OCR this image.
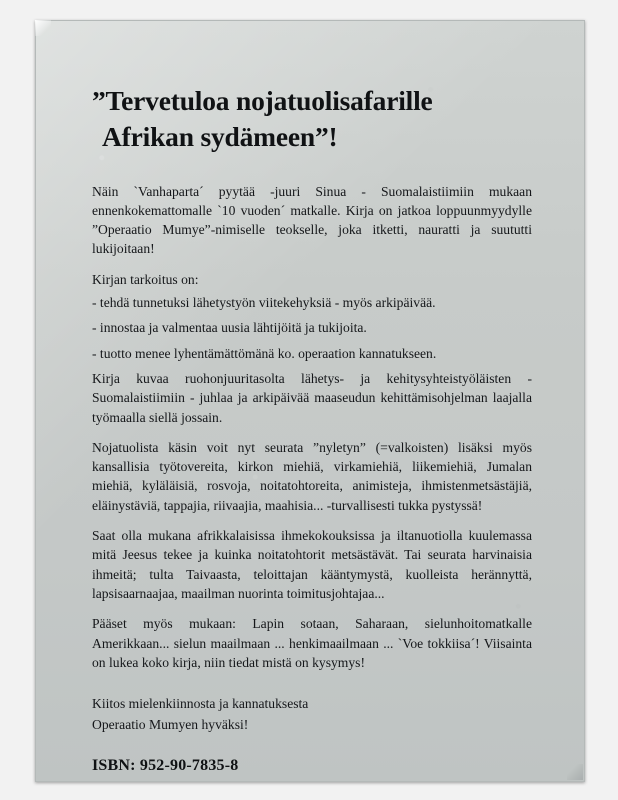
”Tervetuloa nojatuolisafarille
Afrikan sydämeen”!

Näin `Vanhaparta´ pyytää -juuri Sinua - Suomalaistiimiin mukaan ennenkokemattomalle `10 vuoden´ matkalle. Kirja on jatkoa loppuunmyydylle ”Operaatio Mumye”-nimiselle teokselle, joka itketti, nauratti ja suututti lukijoitaan!

Kirjan tarkoitus on:

- tehdä tunnetuksi lähetystyön viitekehyksiä - myös arkipäivää.

- innostaa ja valmentaa uusia lähtijöitä ja tukijoita.

- tuotto menee lyhentämättömänä ko. operaation kannatukseen.

Kirja kuvaa ruohonjuuritasolta lähetys- ja kehitysyhteistyöläisten - Suomalaistiimiin - juhlaa ja arkipäivää maaseudun kehittämisohjelman laajalla työmaalla siellä jossain.

Nojatuolista käsin voit nyt seurata ”nyletyn” (=valkoisten) lisäksi myös kansallisia työtovereita, kirkon miehiä, virkamiehiä, liikemiehiä, Jumalan miehiä, kyläläisiä, rosvoja, noitatohtoreita, animisteja, ihmistenmetsästäjiä, eläinystäviä, tappajia, riivaajia, maahisia... -turvallisesti tukka pystyssä!

Saat olla mukana afrikkalaisissa ihmekokouksissa ja iltanuotiolla kuulemassa mitä Jeesus tekee ja kuinka noitatohtorit metsästävät. Tai seurata harvinaisia ihmeitä; tulta Taivaasta, teloittajan kääntymystä, kuolleista herännyttä, lapsisaarnaajaa, maailman nuorinta toimitusjohtajaa...

Pääset myös mukaan: Lapin sotaan, Saharaan, sielunhoitomatkalle Amerikkaan... sielun maailmaan ... henkimaailmaan ... `Voe tokkiisa´! Viisainta on lukea koko kirja, niin tiedat mistä on kysymys!

Kiitos mielenkiinnosta ja kannatuksesta
Operaatio Mumyen hyväksi!
ISBN: 952-90-7835-8
